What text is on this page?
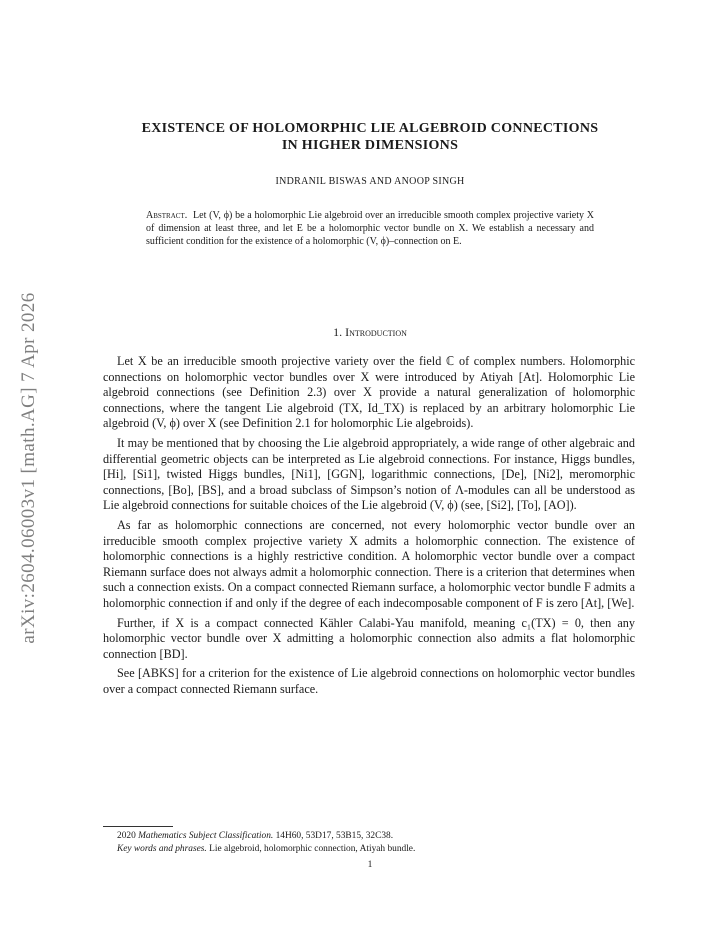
arXiv:2604.06003v1 [math.AG] 7 Apr 2026
EXISTENCE OF HOLOMORPHIC LIE ALGEBROID CONNECTIONS
IN HIGHER DIMENSIONS
INDRANIL BISWAS AND ANOOP SINGH
Abstract. Let (V, ϕ) be a holomorphic Lie algebroid over an irreducible smooth complex projective variety X of dimension at least three, and let E be a holomorphic vector bundle on X. We establish a necessary and sufficient condition for the existence of a holomorphic (V, ϕ)–connection on E.
1. Introduction

Let X be an irreducible smooth projective variety over the field ℂ of complex numbers. Holomorphic connections on holomorphic vector bundles over X were introduced by Atiyah [At]. Holomorphic Lie algebroid connections (see Definition 2.3) over X provide a natural generalization of holomorphic connections, where the tangent Lie algebroid (TX, Id_TX) is replaced by an arbitrary holomorphic Lie algebroid (V, ϕ) over X (see Definition 2.1 for holomorphic Lie algebroids).

It may be mentioned that by choosing the Lie algebroid appropriately, a wide range of other algebraic and differential geometric objects can be interpreted as Lie algebroid connections. For instance, Higgs bundles, [Hi], [Si1], twisted Higgs bundles, [Ni1], [GGN], logarithmic connections, [De], [Ni2], meromorphic connections, [Bo], [BS], and a broad subclass of Simpson’s notion of Λ-modules can all be understood as Lie algebroid connections for suitable choices of the Lie algebroid (V, ϕ) (see, [Si2], [To], [AO]).

As far as holomorphic connections are concerned, not every holomorphic vector bundle over an irreducible smooth complex projective variety X admits a holomorphic connection. The existence of holomorphic connections is a highly restrictive condition. A holomorphic vector bundle over a compact Riemann surface does not always admit a holomorphic connection. There is a criterion that determines when such a connection exists. On a compact connected Riemann surface, a holomorphic vector bundle F admits a holomorphic connection if and only if the degree of each indecomposable component of F is zero [At], [We].

Further, if X is a compact connected Kähler Calabi-Yau manifold, meaning c₁(TX) = 0, then any holomorphic vector bundle over X admitting a holomorphic connection also admits a flat holomorphic connection [BD].

See [ABKS] for a criterion for the existence of Lie algebroid connections on holomorphic vector bundles over a compact connected Riemann surface.

2020 Mathematics Subject Classification. 14H60, 53D17, 53B15, 32C38.
Key words and phrases. Lie algebroid, holomorphic connection, Atiyah bundle.
1
